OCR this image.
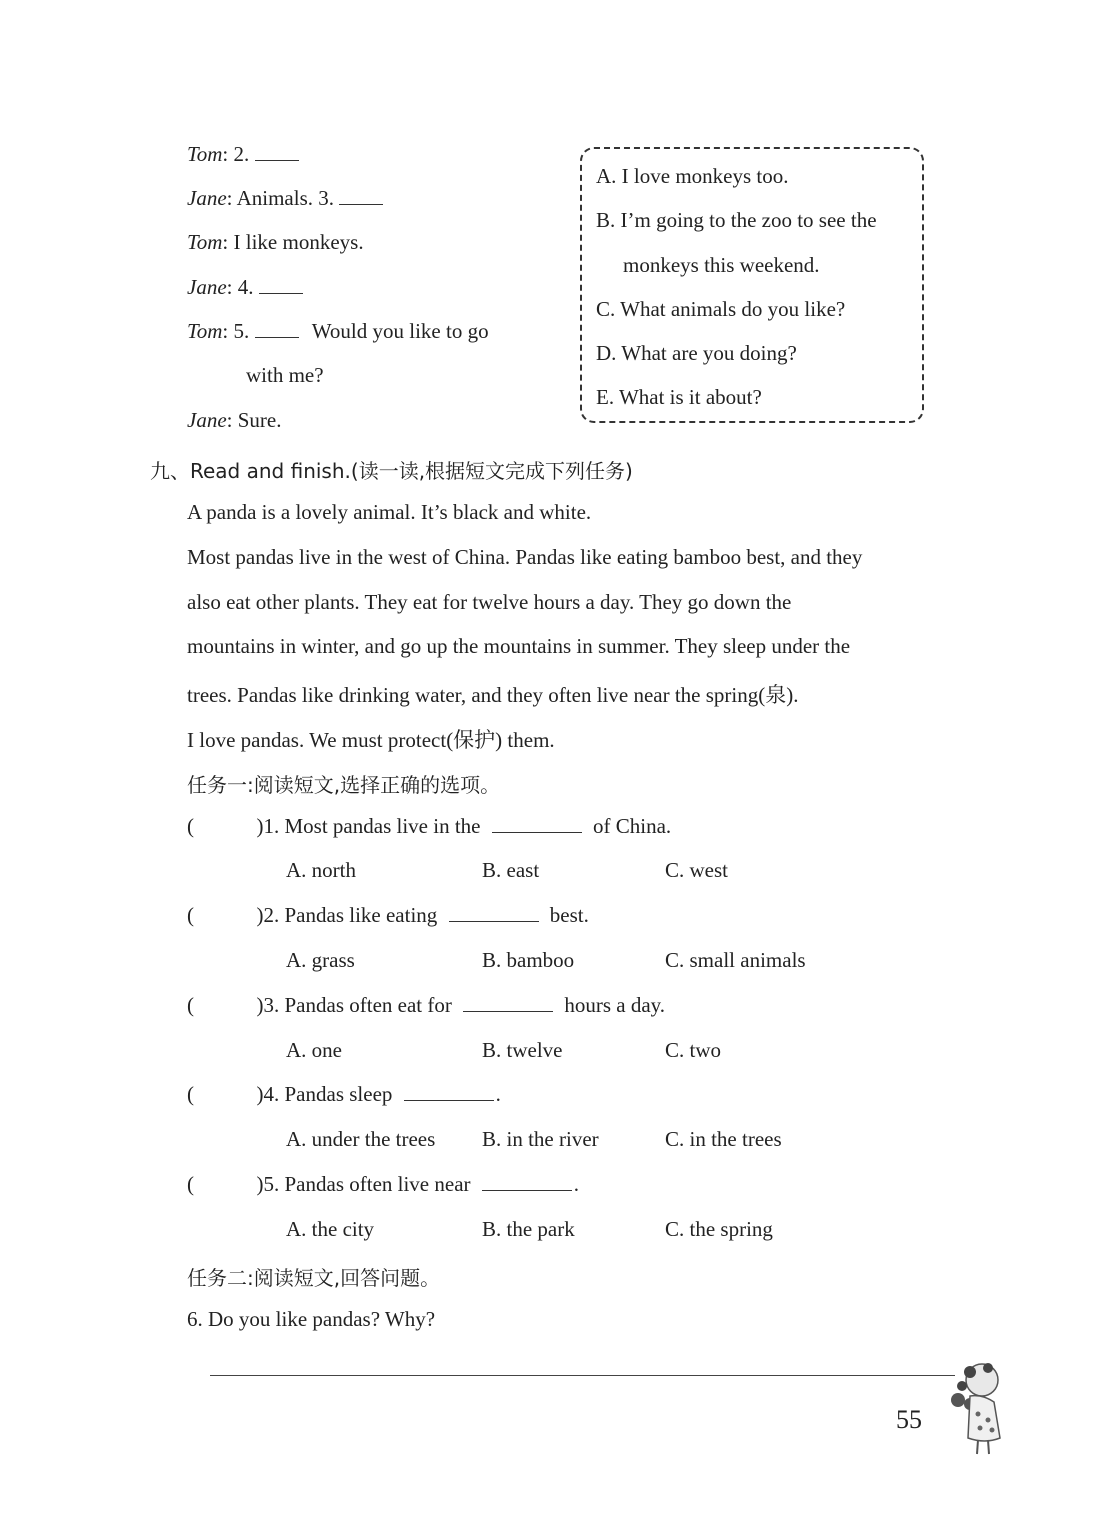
Tom: 2.
Jane: Animals. 3.
Tom: I like monkeys.
Jane: 4.
Tom: 5.	Would you like to go
with me?
Jane: Sure.
A. I love monkeys too.
B. I’m going to the zoo to see the
monkeys this weekend.
C. What animals do you like?
D. What are you doing?
E. What is it about?
九、Read and finish.(读一读,根据短文完成下列任务)
A panda is a lovely animal. It’s black and white.
Most pandas live in the west of China. Pandas like eating bamboo best, and they
also eat other plants. They eat for twelve hours a day. They go down the
mountains in winter, and go up the mountains in summer. They sleep under the
trees. Pandas like drinking water, and they often live near the spring(泉).
I love pandas. We must protect(保护) them.
任务一:阅读短文,选择正确的选项。
(	)1. Most pandas live in the	of China.
A. north	B. east	C. west
(	)2. Pandas like eating	best.
A. grass	B. bamboo	C. small animals
(	)3. Pandas often eat for	hours a day.
A. one	B. twelve	C. two
(	)4. Pandas sleep	.
A. under the trees B. in the river	C. in the trees
(	)5. Pandas often live near	.
A. the city	B. the park	C. the spring
任务二:阅读短文,回答问题。
6. Do you like pandas? Why?
55
